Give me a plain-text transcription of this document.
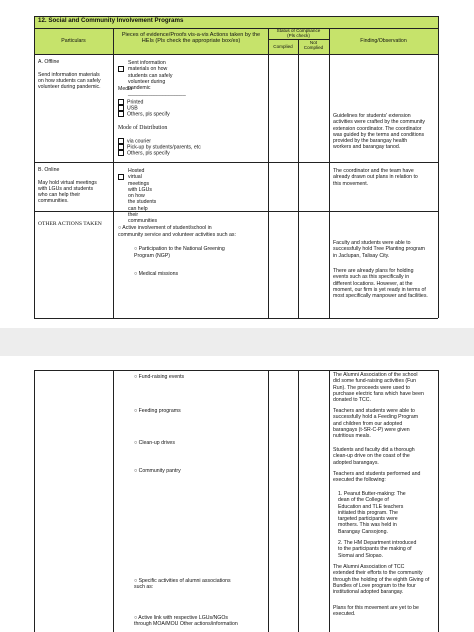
12. Social and Community Involvement Programs
Particulars
Pieces of evidence/Proofs vis-a-vis Actions taken by the HEIs (Pls check the appropriate box/es)
Status of Compliance
(Pls check)
Complied
Not
Complied
Finding/Observation
A. Offline

Send information materials
on how students can safely
volunteer during pandemic.

Sent information materials on how
students can safely volunteer during
pandemic ____________________

Media
Printed
USB
Others, pls specify
Mode of Distribution
via courier
Pick-up by students/parents, etc
Others, pls specify
Guidelines for students' extension
activities were crafted by the community
extension coordinator. The coordinator
was guided by the terms and conditions
provided by the barangay health
workers and barangay tanod.
B. Online

May hold virtual meetings
with LGUs and students
who can help their
communities.

Hosted virtual meetings with LGUs on how
the students can help their communities

The coordinator and the team have
already drawn out plans in relation to
this movement.
OTHER ACTIONS TAKEN

○ Active involvement of student/school in
community service and volunteer activities such as:

○ Participation to the National Greening
Program (NGP)

○ Medical missions

Faculty and students were able to
successfully hold Tree Planting program
in Jaclupan, Talisay City.
There are already plans for holding
events such as this specifically in
different locations. However, at the
moment, our firm is yet ready in terms of
most specifically manpower and facilities.
○ Fund-raising events
○ Feeding programs
○ Clean-up drives
○ Community pantry
○ Specific activities of alumni associations
such as:
○ Active link with respective LGUs/NGOs
through MOA/MOU Other actions/information
The Alumni Association of the school
did some fund-raising activities (Fun
Run). The proceeds were used to
purchase electric fans which have been
donated to TCC.
Teachers and students were able to
successfully hold a Feeding Program
and children from our adopted
barangays (t-SR-C-P) were given
nutritious meals.
Students and faculty did a thorough
clean-up drive on the coast of the
adopted barangays.
Teachers and students performed and
executed the following:
1. Peanut Butter-making: The
dean of the College of
Education and TLE teachers
initiated this program. The
targeted participants were
mothers. This was held in
Barangay Cansojong.
2. The HM Department introduced
to the participants the making of
Siomai and Siopao.
The Alumni Association of TCC
extended their efforts to the community
through the holding of the eighth Giving of
Bundles of Love program to the four
institutional adopted barangay.
Plans for this movement are yet to be
executed.
